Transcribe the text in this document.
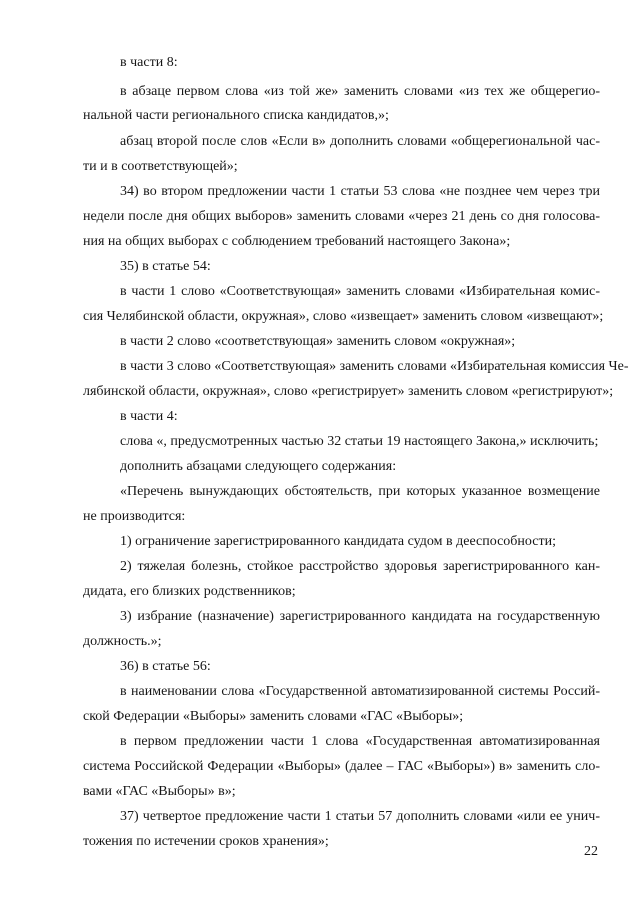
в части 8:
в абзаце первом слова «из той же» заменить словами «из тех же общерегио-
нальной части регионального списка кандидатов,»;
абзац второй после слов «Если в» дополнить словами «общерегиональной час-
ти и в соответствующей»;
34) во втором предложении части 1 статьи 53 слова «не позднее чем через три
недели после дня общих выборов» заменить словами «через 21 день со дня голосова-
ния на общих выборах с соблюдением требований настоящего Закона»;
35) в статье 54:
в части 1 слово «Соответствующая» заменить словами «Избирательная комис-
сия Челябинской области, окружная», слово «извещает» заменить словом «извещают»;
в части 2 слово «соответствующая» заменить словом «окружная»;
в части 3 слово «Соответствующая» заменить словами «Избирательная комиссия Че-
лябинской области, окружная», слово «регистрирует» заменить словом «регистрируют»;
в части 4:
слова «, предусмотренных частью 32 статьи 19 настоящего Закона,» исключить;
дополнить абзацами следующего содержания:
«Перечень вынуждающих обстоятельств, при которых указанное возмещение
не производится:
1) ограничение зарегистрированного кандидата судом в дееспособности;
2) тяжелая болезнь, стойкое расстройство здоровья зарегистрированного кан-
дидата, его близких родственников;
3) избрание (назначение) зарегистрированного кандидата на государственную
должность.»;
36) в статье 56:
в наименовании слова «Государственной автоматизированной системы Россий-
ской Федерации «Выборы» заменить словами «ГАС «Выборы»;
в первом предложении части 1 слова «Государственная автоматизированная
система Российской Федерации «Выборы» (далее – ГАС «Выборы») в» заменить сло-
вами «ГАС «Выборы» в»;
37) четвертое предложение части 1 статьи 57 дополнить словами «или ее унич-
тожения по истечении сроков хранения»;
22
